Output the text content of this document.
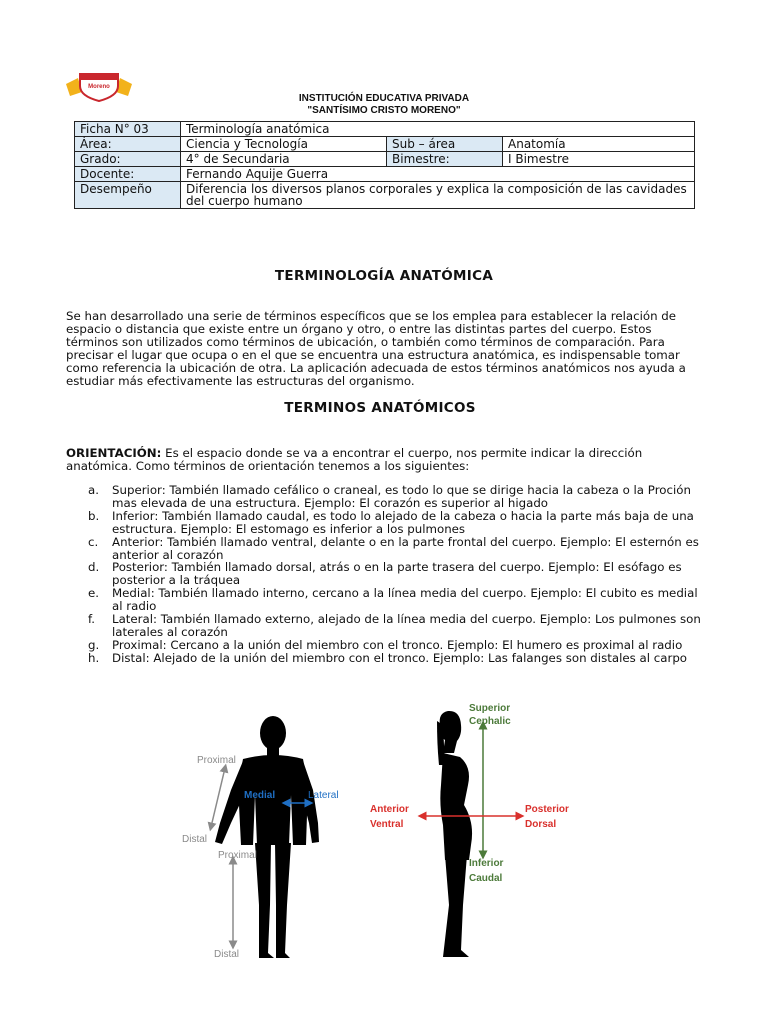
Moreno
INSTITUCIÓN EDUCATIVA PRIVADA
"SANTÍSIMO CRISTO MORENO"
Ficha N° 03	Terminología anatómica		
Área:	Ciencia y Tecnología	Sub – área	Anatomía
Grado:	4° de Secundaria	Bimestre:	I Bimestre
Docente:	Fernando Aquije Guerra		
Desempeño	Diferencia los diversos planos corporales y explica la composición de las cavidades del cuerpo humano		
TERMINOLOGÍA ANATÓMICA

Se han desarrollado una serie de términos específicos que se los emplea para establecer la relación de espacio o distancia que existe entre un órgano y otro, o entre las distintas partes del cuerpo. Estos términos son utilizados como términos de ubicación, o también como términos de comparación. Para precisar el lugar que ocupa o en el que se encuentra una estructura anatómica, es indispensable tomar como referencia la ubicación de otra. La aplicación adecuada de estos términos anatómicos nos ayuda a estudiar más efectivamente las estructuras del organismo.

TERMINOS ANATÓMICOS

ORIENTACIÓN: Es el espacio donde se va a encontrar el cuerpo, nos permite indicar la dirección anatómica. Como términos de orientación tenemos a los siguientes:

a. Superior: También llamado cefálico o craneal, es todo lo que se dirige hacia la cabeza o la Proción mas elevada de una estructura. Ejemplo: El corazón es superior al higado
b. Inferior: También llamado caudal, es todo lo alejado de la cabeza o hacia la parte más baja de una estructura. Ejemplo: El estomago es inferior a los pulmones
c. Anterior: También llamado ventral, delante o en la parte frontal del cuerpo. Ejemplo: El esternón es anterior al corazón
d. Posterior: También llamado dorsal, atrás o en la parte trasera del cuerpo. Ejemplo: El esófago es posterior a la tráquea
e. Medial: También llamado interno, cercano a la línea media del cuerpo. Ejemplo: El cubito es medial al radio
f. Lateral: También llamado externo, alejado de la línea media del cuerpo. Ejemplo: Los pulmones son laterales al corazón
g. Proximal: Cercano a la unión del miembro con el tronco. Ejemplo: El humero es proximal al radio
h. Distal: Alejado de la unión del miembro con el tronco. Ejemplo: Las falanges son distales al carpo
Proximal
Distal
Medial	Lateral
Proximal
Distal
Superior
Cephalic
Inferior
Caudal
Anterior
Ventral
Posterior
Dorsal
